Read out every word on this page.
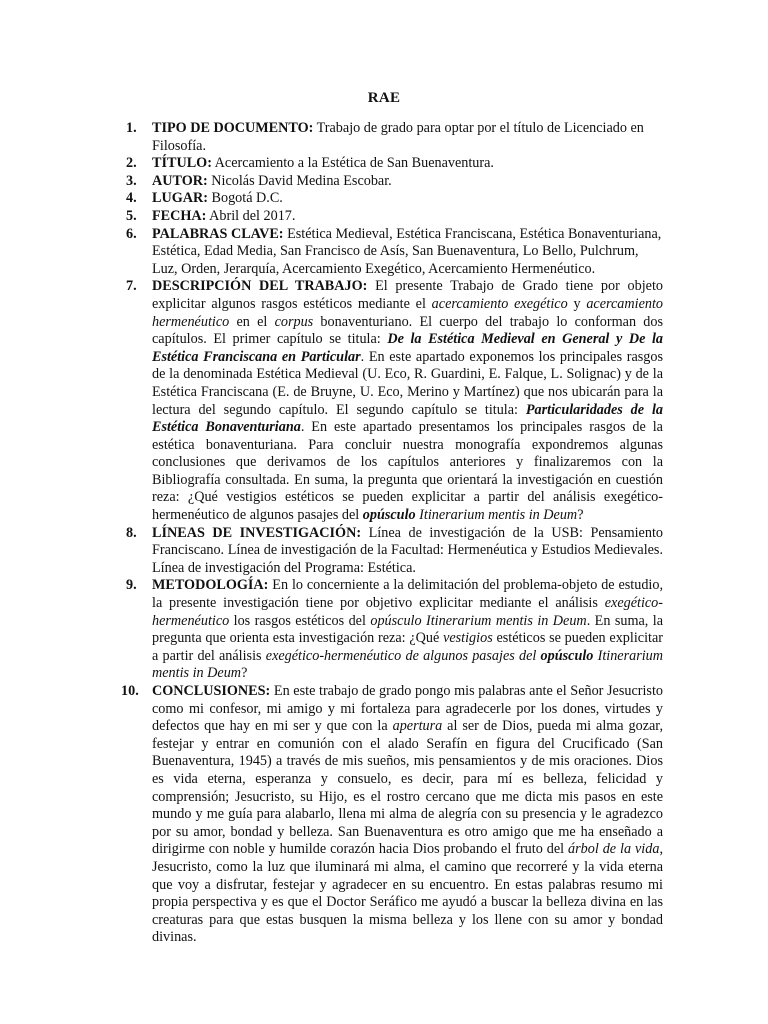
RAE
1.	TIPO DE DOCUMENTO: Trabajo de grado para optar por el título de Licenciado en Filosofía.
2.	TÍTULO: Acercamiento a la Estética de San Buenaventura.
3.	AUTOR: Nicolás David Medina Escobar.
4.	LUGAR: Bogotá D.C.
5.	FECHA: Abril del 2017.
6.	PALABRAS CLAVE: Estética Medieval, Estética Franciscana, Estética Bonaventuriana, Estética, Edad Media, San Francisco de Asís, San Buenaventura, Lo Bello, Pulchrum, Luz, Orden, Jerarquía, Acercamiento Exegético, Acercamiento Hermenéutico.
7.	DESCRIPCIÓN DEL TRABAJO: El presente Trabajo de Grado tiene por objeto explicitar algunos rasgos estéticos mediante el acercamiento exegético y acercamiento hermenéutico en el corpus bonaventuriano. El cuerpo del trabajo lo conforman dos capítulos. El primer capítulo se titula: De la Estética Medieval en General y De la Estética Franciscana en Particular. En este apartado exponemos los principales rasgos de la denominada Estética Medieval (U. Eco, R. Guardini, E. Falque, L. Solignac) y de la Estética Franciscana (E. de Bruyne, U. Eco, Merino y Martínez) que nos ubicarán para la lectura del segundo capítulo. El segundo capítulo se titula: Particularidades de la Estética Bonaventuriana. En este apartado presentamos los principales rasgos de la estética bonaventuriana. Para concluir nuestra monografía expondremos algunas conclusiones que derivamos de los capítulos anteriores y finalizaremos con la Bibliografía consultada. En suma, la pregunta que orientará la investigación en cuestión reza: ¿Qué vestigios estéticos se pueden explicitar a partir del análisis exegético-hermenéutico de algunos pasajes del opúsculo Itinerarium mentis in Deum?
8.	LÍNEAS DE INVESTIGACIÓN: Línea de investigación de la USB: Pensamiento Franciscano. Línea de investigación de la Facultad: Hermenéutica y Estudios Medievales. Línea de investigación del Programa: Estética.
9.	METODOLOGÍA: En lo concerniente a la delimitación del problema-objeto de estudio, la presente investigación tiene por objetivo explicitar mediante el análisis exegético-hermenéutico los rasgos estéticos del opúsculo Itinerarium mentis in Deum. En suma, la pregunta que orienta esta investigación reza: ¿Qué vestigios estéticos se pueden explicitar a partir del análisis exegético-hermenéutico de algunos pasajes del opúsculo Itinerarium mentis in Deum?
10. CONCLUSIONES: En este trabajo de grado pongo mis palabras ante el Señor Jesucristo como mi confesor, mi amigo y mi fortaleza para agradecerle por los dones, virtudes y defectos que hay en mi ser y que con la apertura al ser de Dios, pueda mi alma gozar, festejar y entrar en comunión con el alado Serafín en figura del Crucificado (San Buenaventura, 1945) a través de mis sueños, mis pensamientos y de mis oraciones. Dios es vida eterna, esperanza y consuelo, es decir, para mí es belleza, felicidad y comprensión; Jesucristo, su Hijo, es el rostro cercano que me dicta mis pasos en este mundo y me guía para alabarlo, llena mi alma de alegría con su presencia y le agradezco por su amor, bondad y belleza. San Buenaventura es otro amigo que me ha enseñado a dirigirme con noble y humilde corazón hacia Dios probando el fruto del árbol de la vida, Jesucristo, como la luz que iluminará mi alma, el camino que recorreré y la vida eterna que voy a disfrutar, festejar y agradecer en su encuentro. En estas palabras resumo mi propia perspectiva y es que el Doctor Seráfico me ayudó a buscar la belleza divina en las creaturas para que estas busquen la misma belleza y los llene con su amor y bondad divinas.
